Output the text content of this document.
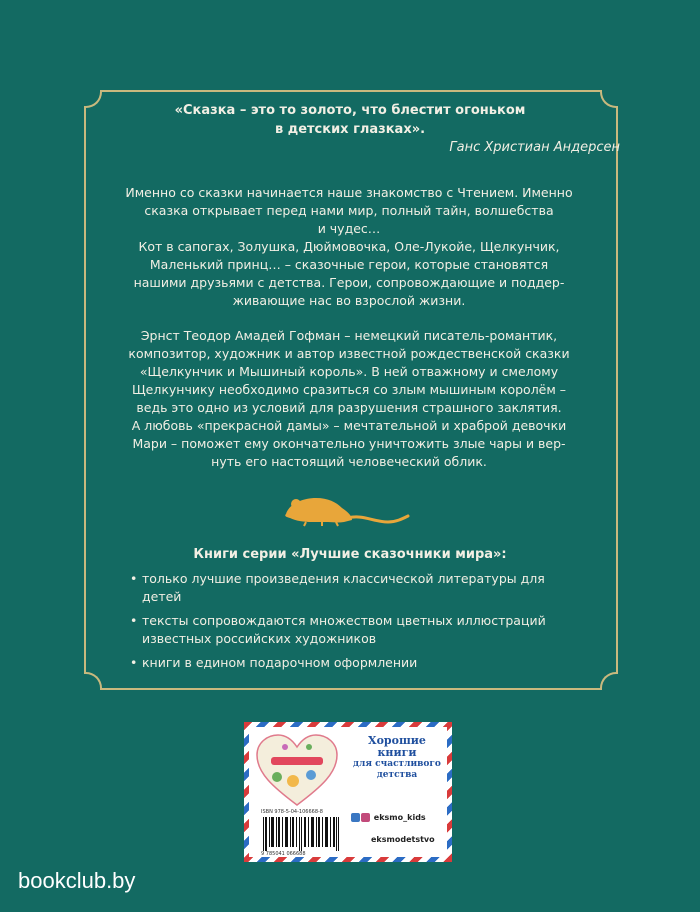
«Сказка – это то золото, что блестит огоньком
в детских глазках».
Ганс Христиан Андерсен
Именно со сказки начинается наше знакомство с Чтением. Именно
сказка открывает перед нами мир, полный тайн, волшебства
и чудес…
Кот в сапогах, Золушка, Дюймовочка, Оле-Лукойе, Щелкунчик,
Маленький принц… – сказочные герои, которые становятся
нашими друзьями с детства. Герои, сопровождающие и поддер-
живающие нас во взрослой жизни.
Эрнст Теодор Амадей Гофман – немецкий писатель-романтик,
композитор, художник и автор известной рождественской сказки
«Щелкунчик и Мышиный король». В ней отважному и смелому
Щелкунчику необходимо сразиться со злым мышиным королём –
ведь это одно из условий для разрушения страшного заклятия.
А любовь «прекрасной дамы» – мечтательной и храброй девочки
Мари – поможет ему окончательно уничтожить злые чары и вер-
нуть его настоящий человеческий облик.
Книги серии «Лучшие сказочники мира»:
• только лучшие произведения классической литературы для детей
• тексты сопровождаются множеством цветных иллюстраций известных российских художников
• книги в едином подарочном оформлении
ISBN 978-5-04-106668-8
9 785041 066688
Хорошие
книги
для счастливого
детства
eksmo_kids
eksmodetstvo
bookclub.by
